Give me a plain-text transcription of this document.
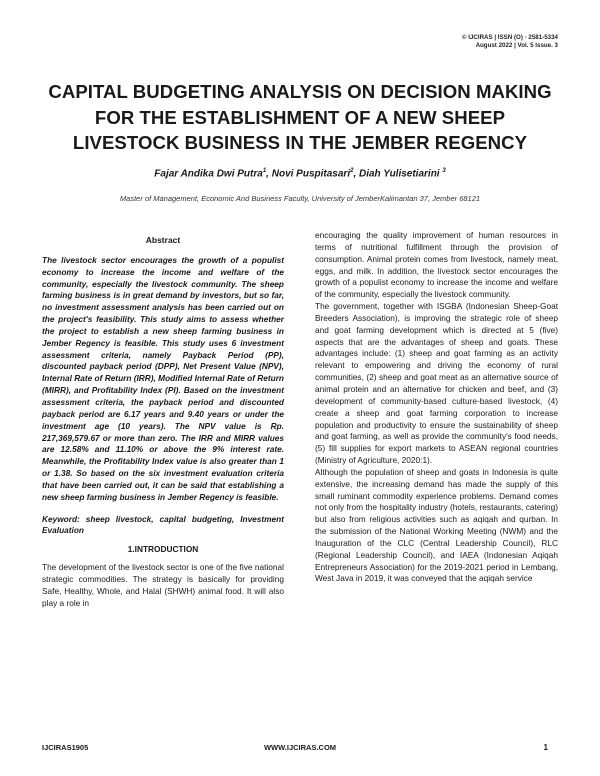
© IJCIRAS | ISSN (O) - 2581-5334
August 2022 | Vol. 5 Issue. 3
CAPITAL BUDGETING ANALYSIS ON DECISION MAKING
FOR THE ESTABLISHMENT OF A NEW SHEEP
LIVESTOCK BUSINESS IN THE JEMBER REGENCY
Fajar Andika Dwi Putra$^1$, Novi Puspitasari$^2$, Diah Yulisetiarini $^3$
Master of Management, Economic And Business Faculty, University of JemberKalimantan 37, Jember 68121
Abstract

The livestock sector encourages the growth of a populist economy to increase the income and welfare of the community, especially the livestock community. The sheep farming business is in great demand by investors, but so far, no investment assessment analysis has been carried out on the project's feasibility. This study aims to assess whether the project to establish a new sheep farming business in Jember Regency is feasible. This study uses 6 investment assessment criteria, namely Payback Period (PP), discounted payback period (DPP), Net Present Value (NPV), Internal Rate of Return (IRR), Modified Internal Rate of Return (MIRR), and Profitability Index (PI). Based on the investment assessment criteria, the payback period and discounted payback period are 6.17 years and 9.40 years or under the investment age (10 years). The NPV value is Rp. 217,369,579.67 or more than zero. The IRR and MIRR values are 12.58% and 11.10% or above the 9% interest rate. Meanwhile, the Profitability Index value is also greater than 1 or 1.38. So based on the six investment evaluation criteria that have been carried out, it can be said that establishing a new sheep farming business in Jember Regency is feasible.

Keyword: sheep livestock, capital budgeting, Investment Evaluation

1.INTRODUCTION

The development of the livestock sector is one of the five national strategic commodities. The strategy is basically for providing Safe, Healthy, Whole, and Halal (SHWH) animal food. It will also play a role in

encouraging the quality improvement of human resources in terms of nutritional fulfillment through the provision of consumption. Animal protein comes from livestock, namely meat, eggs, and milk. In addition, the livestock sector encourages the growth of a populist economy to increase the income and welfare of the community, especially the livestock community.

The government, together with ISGBA (Indonesian Sheep-Goat Breeders Association), is improving the strategic role of sheep and goat farming development which is directed at 5 (five) aspects that are the advantages of sheep and goats. These advantages include: (1) sheep and goat farming as an activity relevant to empowering and driving the economy of rural communities, (2) sheep and goat meat as an alternative source of animal protein and an alternative for chicken and beef, and (3) development of community-based culture-based livestock, (4) create a sheep and goat farming corporation to increase population and productivity to ensure the sustainability of sheep and goat farming, as well as provide the community's food needs, (5) fill supplies for export markets to ASEAN regional countries (Ministry of Agriculture, 2020:1).

Although the population of sheep and goats in Indonesia is quite extensive, the increasing demand has made the supply of this small ruminant commodity experience problems. Demand comes not only from the hospitality industry (hotels, restaurants, catering) but also from religious activities such as aqiqah and qurban. In the submission of the National Working Meeting (NWM) and the Inauguration of the CLC (Central Leadership Council), RLC (Regional Leadership Council), and IAEA (Indonesian Aqiqah Entrepreneurs Association) for the 2019-2021 period in Lembang, West Java in 2019, it was conveyed that the aqiqah service

IJCIRAS1905	WWW.IJCIRAS.COM	1
